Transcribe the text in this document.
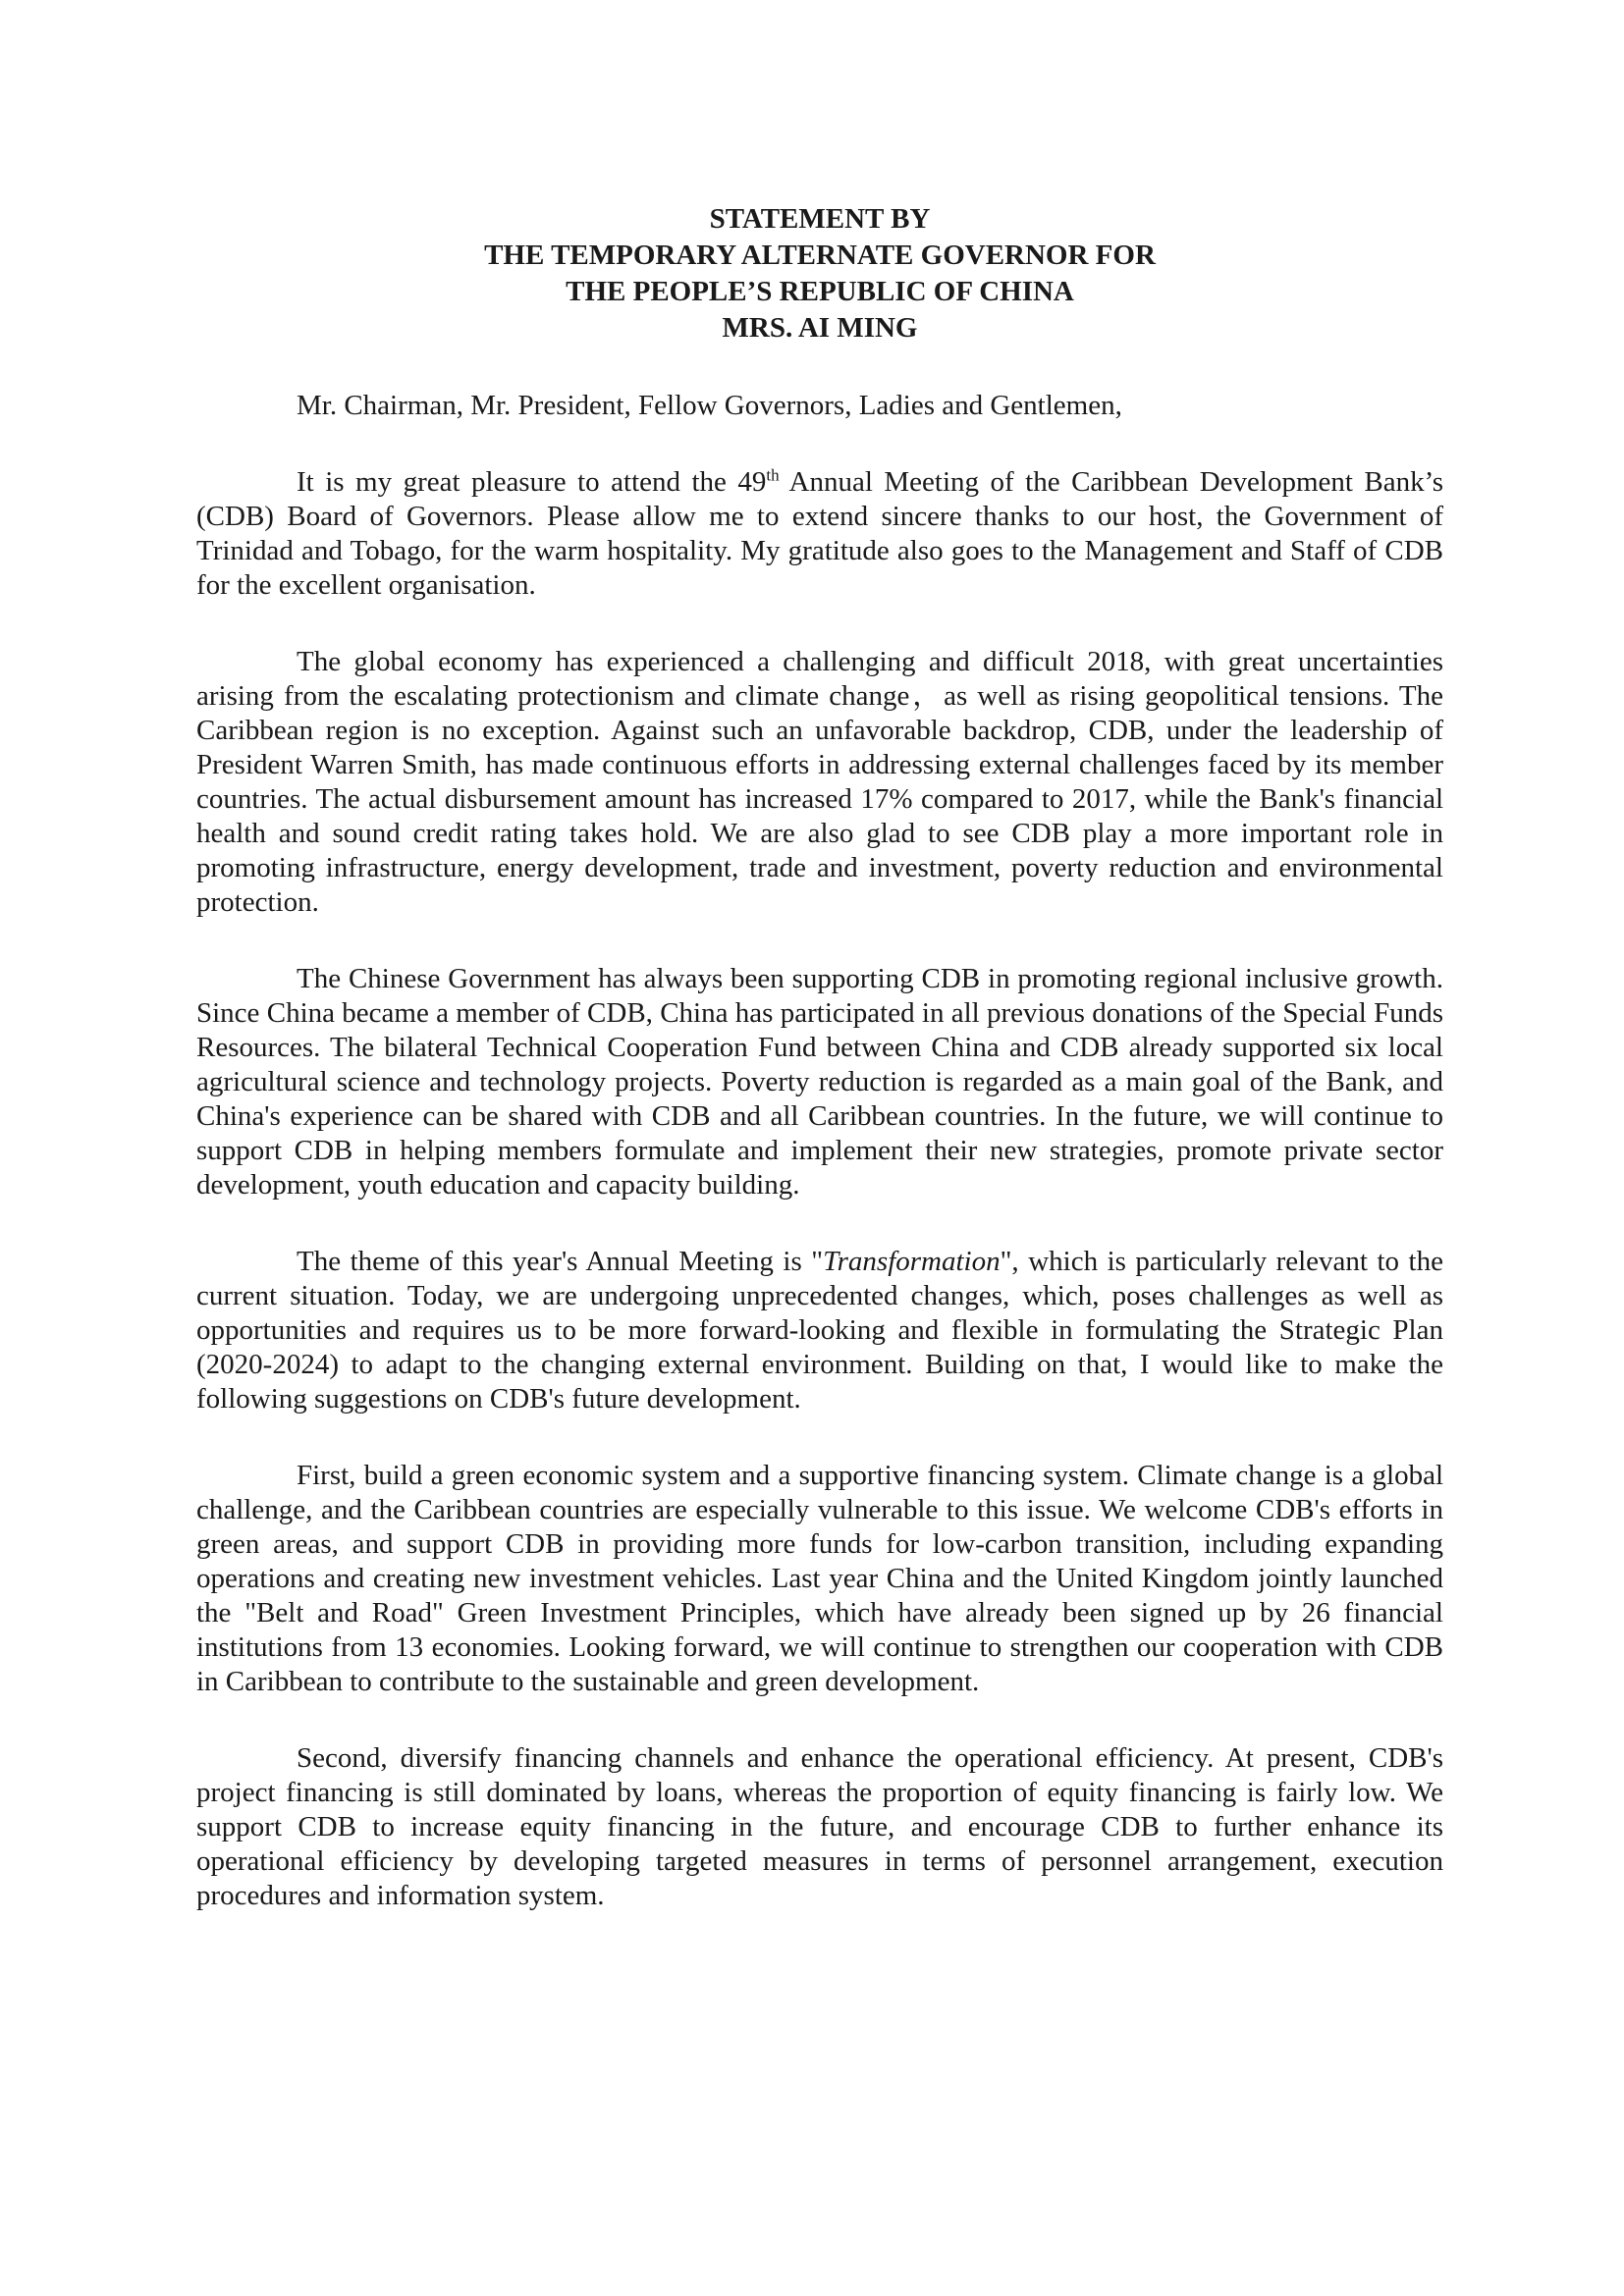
STATEMENT BY
THE TEMPORARY ALTERNATE GOVERNOR FOR
THE PEOPLE’S REPUBLIC OF CHINA
MRS. AI MING

Mr. Chairman, Mr. President, Fellow Governors, Ladies and Gentlemen,

It is my great pleasure to attend the 49th Annual Meeting of the Caribbean Development Bank’s (CDB) Board of Governors. Please allow me to extend sincere thanks to our host, the Government of Trinidad and Tobago, for the warm hospitality. My gratitude also goes to the Management and Staff of CDB for the excellent organisation.

The global economy has experienced a challenging and difficult 2018, with great uncertainties arising from the escalating protectionism and climate change，as well as rising geopolitical tensions. The Caribbean region is no exception. Against such an unfavorable backdrop, CDB, under the leadership of President Warren Smith, has made continuous efforts in addressing external challenges faced by its member countries. The actual disbursement amount has increased 17% compared to 2017, while the Bank's financial health and sound credit rating takes hold. We are also glad to see CDB play a more important role in promoting infrastructure, energy development, trade and investment, poverty reduction and environmental protection.

The Chinese Government has always been supporting CDB in promoting regional inclusive growth. Since China became a member of CDB, China has participated in all previous donations of the Special Funds Resources. The bilateral Technical Cooperation Fund between China and CDB already supported six local agricultural science and technology projects. Poverty reduction is regarded as a main goal of the Bank, and China's experience can be shared with CDB and all Caribbean countries. In the future, we will continue to support CDB in helping members formulate and implement their new strategies, promote private sector development, youth education and capacity building.

The theme of this year's Annual Meeting is "Transformation", which is particularly relevant to the current situation. Today, we are undergoing unprecedented changes, which, poses challenges as well as opportunities and requires us to be more forward-looking and flexible in formulating the Strategic Plan (2020-2024) to adapt to the changing external environment. Building on that, I would like to make the following suggestions on CDB's future development.

First, build a green economic system and a supportive financing system. Climate change is a global challenge, and the Caribbean countries are especially vulnerable to this issue. We welcome CDB's efforts in green areas, and support CDB in providing more funds for low-carbon transition, including expanding operations and creating new investment vehicles. Last year China and the United Kingdom jointly launched the "Belt and Road" Green Investment Principles, which have already been signed up by 26 financial institutions from 13 economies. Looking forward, we will continue to strengthen our cooperation with CDB in Caribbean to contribute to the sustainable and green development.

Second, diversify financing channels and enhance the operational efficiency. At present, CDB's project financing is still dominated by loans, whereas the proportion of equity financing is fairly low. We support CDB to increase equity financing in the future, and encourage CDB to further enhance its operational efficiency by developing targeted measures in terms of personnel arrangement, execution procedures and information system.
